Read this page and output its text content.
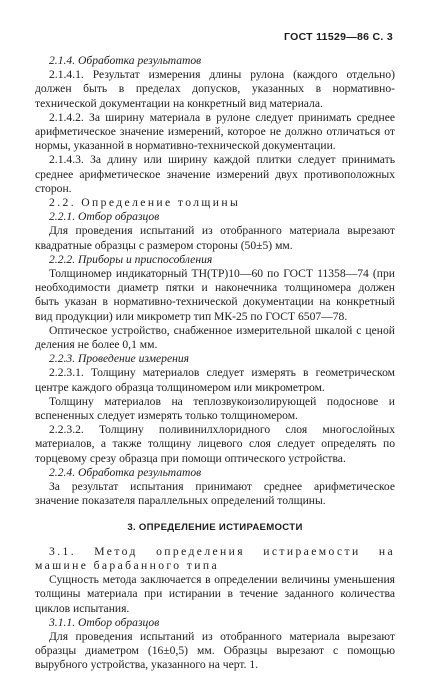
ГОСТ 11529—86 С. 3

2.1.4. Обработка результатов

2.1.4.1. Результат измерения длины рулона (каждого отдельно) должен быть в пределах допусков, указанных в нормативно-технической документации на конкретный вид материала.

2.1.4.2. За ширину материала в рулоне следует принимать среднее арифметическое значение измерений, которое не должно отличаться от нормы, указанной в нормативно-технической документации.

2.1.4.3. За длину или ширину каждой плитки следует принимать среднее арифметическое значение измерений двух противоположных сторон.

2.2. Определение толщины

2.2.1. Отбор образцов

Для проведения испытаний из отобранного материала вырезают квадратные образцы с размером стороны (50±5) мм.

2.2.2. Приборы и приспособления

Толщиномер индикаторный ТН(ТР)10—60 по ГОСТ 11358—74 (при необходимости диаметр пятки и наконечника толщиномера должен быть указан в нормативно-технической документации на конкретный вид продукции) или микрометр тип МК-25 по ГОСТ 6507—78.

Оптическое устройство, снабженное измерительной шкалой с ценой деления не более 0,1 мм.

2.2.3. Проведение измерения

2.2.3.1. Толщину материалов следует измерять в геометрическом центре каждого образца толщиномером или микрометром.

Толщину материалов на теплозвукоизолирующей подоснове и вспененных следует измерять только толщиномером.

2.2.3.2. Толщину поливинилхлоридного слоя многослойных материалов, а также толщину лицевого слоя следует определять по торцевому срезу образца при помощи оптического устройства.

2.2.4. Обработка результатов

За результат испытания принимают среднее арифметическое значение показателя параллельных определений толщины.

3. ОПРЕДЕЛЕНИЕ ИСТИРАЕМОСТИ

3.1. Метод определения истираемости на машине барабанного типа

Сущность метода заключается в определении величины уменьшения толщины материала при истирании в течение заданного количества циклов испытания.

3.1.1. Отбор образцов

Для проведения испытаний из отобранного материала вырезают образцы диаметром (16±0,5) мм. Образцы вырезают с помощью вырубного устройства, указанного на черт. 1.
